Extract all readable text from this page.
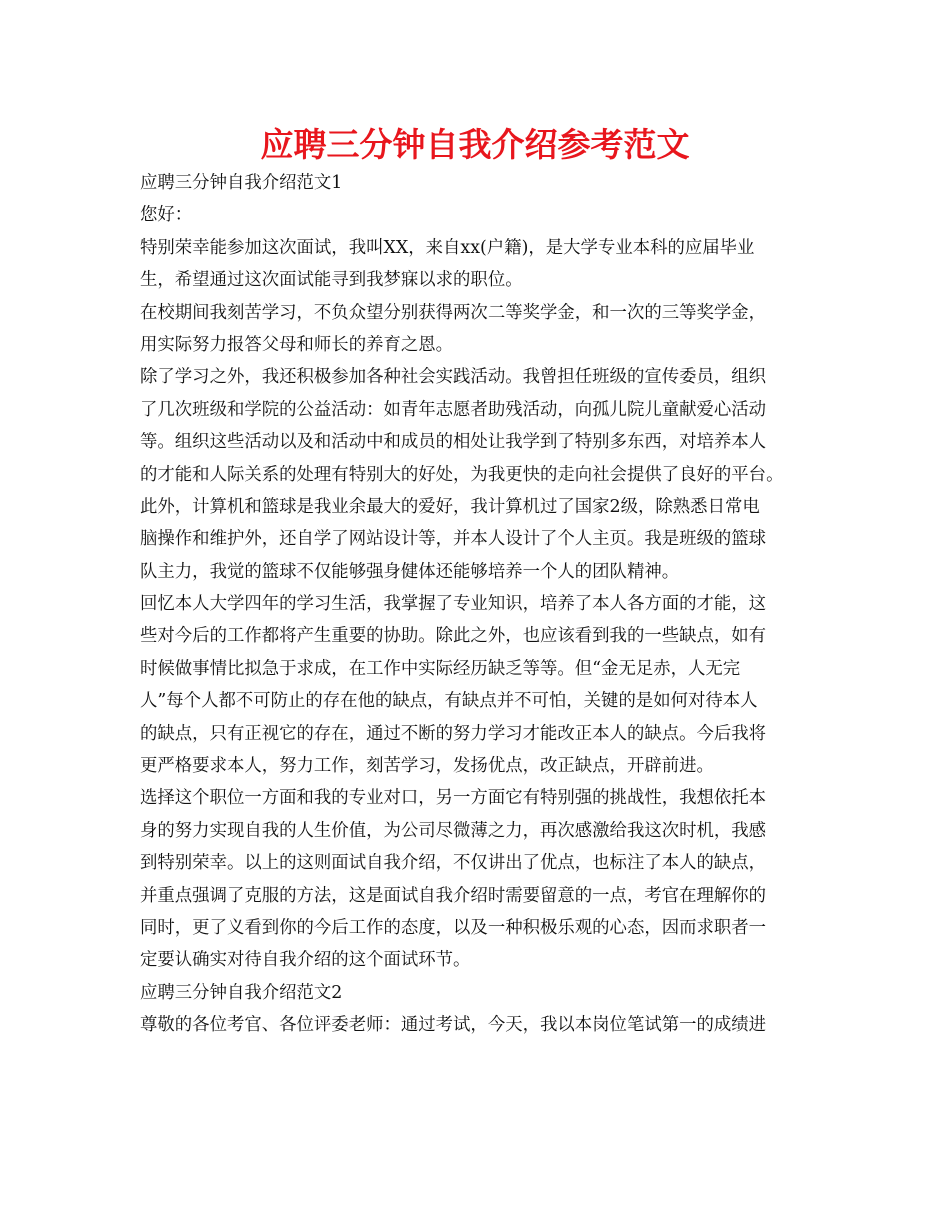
应聘三分钟自我介绍参考范文

应聘三分钟自我介绍范文1

您好：

特别荣幸能参加这次面试，我叫XX，来自xx(户籍)，是大学专业本科的应届毕业

生，希望通过这次面试能寻到我梦寐以求的职位。

在校期间我刻苦学习，不负众望分别获得两次二等奖学金，和一次的三等奖学金，

用实际努力报答父母和师长的养育之恩。

除了学习之外，我还积极参加各种社会实践活动。我曾担任班级的宣传委员，组织

了几次班级和学院的公益活动：如青年志愿者助残活动，向孤儿院儿童献爱心活动

等。组织这些活动以及和活动中和成员的相处让我学到了特别多东西，对培养本人

的才能和人际关系的处理有特别大的好处，为我更快的走向社会提供了良好的平台。

此外，计算机和篮球是我业余最大的爱好，我计算机过了国家2级，除熟悉日常电

脑操作和维护外，还自学了网站设计等，并本人设计了个人主页。我是班级的篮球

队主力，我觉的篮球不仅能够强身健体还能够培养一个人的团队精神。

回忆本人大学四年的学习生活，我掌握了专业知识，培养了本人各方面的才能，这

些对今后的工作都将产生重要的协助。除此之外，也应该看到我的一些缺点，如有

时候做事情比拟急于求成，在工作中实际经历缺乏等等。但“金无足赤，人无完

人”每个人都不可防止的存在他的缺点，有缺点并不可怕，关键的是如何对待本人

的缺点，只有正视它的存在，通过不断的努力学习才能改正本人的缺点。今后我将

更严格要求本人，努力工作，刻苦学习，发扬优点，改正缺点，开辟前进。

选择这个职位一方面和我的专业对口，另一方面它有特别强的挑战性，我想依托本

身的努力实现自我的人生价值，为公司尽微薄之力，再次感激给我这次时机，我感

到特别荣幸。以上的这则面试自我介绍，不仅讲出了优点，也标注了本人的缺点，

并重点强调了克服的方法，这是面试自我介绍时需要留意的一点，考官在理解你的

同时，更了义看到你的今后工作的态度，以及一种积极乐观的心态，因而求职者一

定要认确实对待自我介绍的这个面试环节。

应聘三分钟自我介绍范文2

尊敬的各位考官、各位评委老师：通过考试，今天，我以本岗位笔试第一的成绩进
